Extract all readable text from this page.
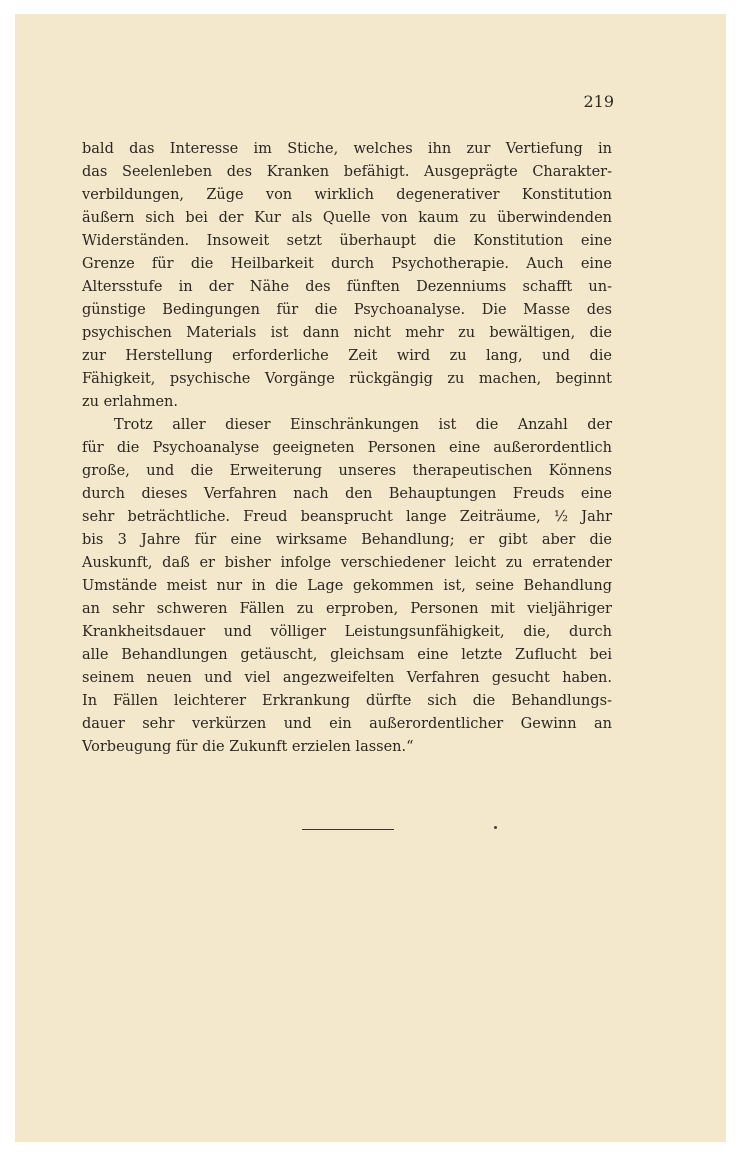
219

bald das Interesse im Stiche, welches ihn zur Vertiefung in
das Seelenleben des Kranken befähigt. Ausgeprägte Charakter-
verbildungen, Züge von wirklich degenerativer Konstitution
äußern sich bei der Kur als Quelle von kaum zu überwindenden
Widerständen. Insoweit setzt überhaupt die Konstitution eine
Grenze für die Heilbarkeit durch Psychotherapie. Auch eine
Altersstufe in der Nähe des fünften Dezenniums schafft un-
günstige Bedingungen für die Psychoanalyse. Die Masse des
psychischen Materials ist dann nicht mehr zu bewältigen, die
zur Herstellung erforderliche Zeit wird zu lang, und die
Fähigkeit, psychische Vorgänge rückgängig zu machen, beginnt
zu erlahmen.
Trotz aller dieser Einschränkungen ist die Anzahl der
für die Psychoanalyse geeigneten Personen eine außerordentlich
große, und die Erweiterung unseres therapeutischen Könnens
durch dieses Verfahren nach den Behauptungen Freuds eine
sehr beträchtliche. Freud beansprucht lange Zeiträume, ½ Jahr
bis 3 Jahre für eine wirksame Behandlung; er gibt aber die
Auskunft, daß er bisher infolge verschiedener leicht zu erratender
Umstände meist nur in die Lage gekommen ist, seine Behandlung
an sehr schweren Fällen zu erproben, Personen mit vieljähriger
Krankheitsdauer und völliger Leistungsunfähigkeit, die, durch
alle Behandlungen getäuscht, gleichsam eine letzte Zuflucht bei
seinem neuen und viel angezweifelten Verfahren gesucht haben.
In Fällen leichterer Erkrankung dürfte sich die Behandlungs-
dauer sehr verkürzen und ein außerordentlicher Gewinn an
Vorbeugung für die Zukunft erzielen lassen.“
